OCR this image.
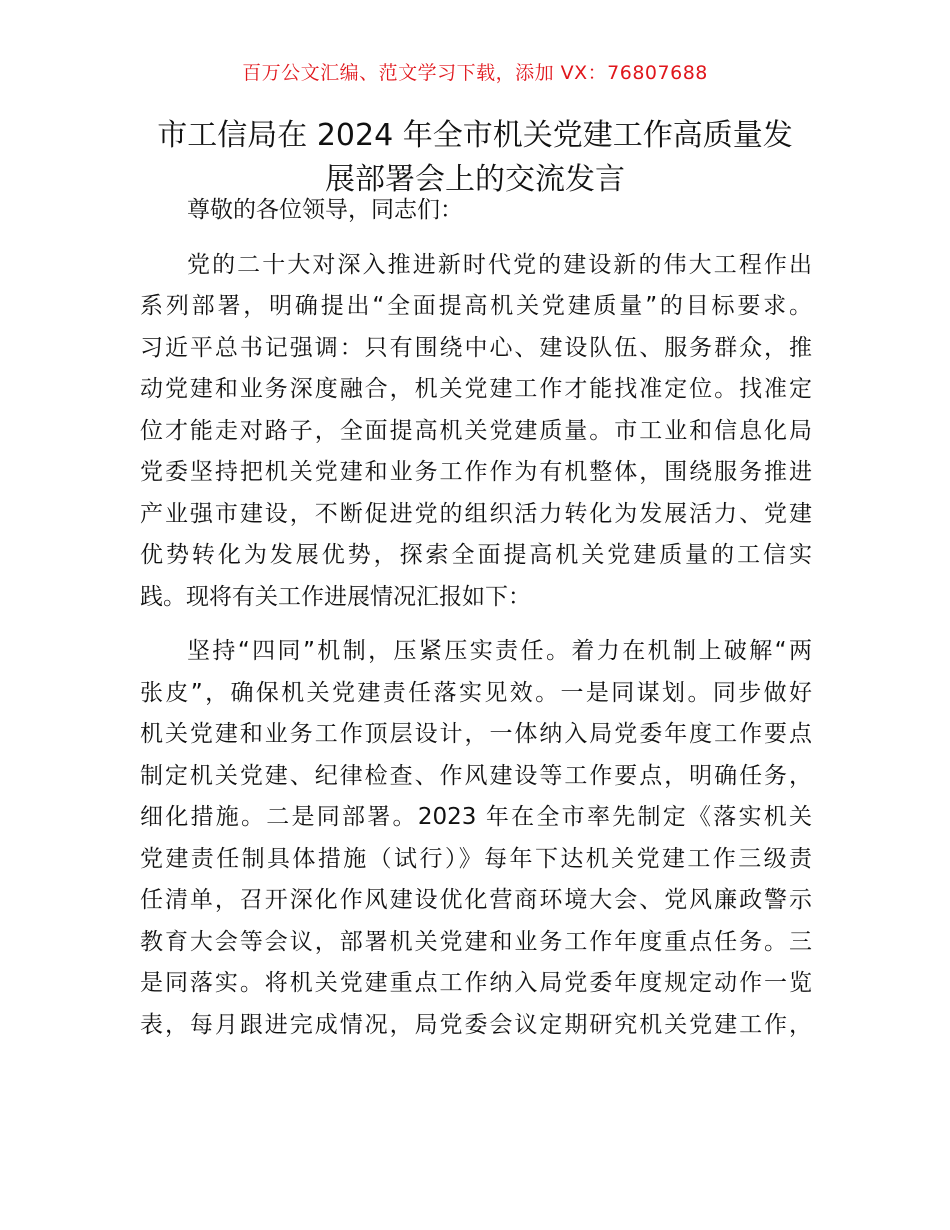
百万公文汇编、范文学习下载，添加 VX：76807688
市工信局在 2024 年全市机关党建工作高质量发
展部署会上的交流发言
尊敬的各位领导，同志们：
党的二十大对深入推进新时代党的建设新的伟大工程作出
系列部署，明确提出“全面提高机关党建质量”的目标要求。
习近平总书记强调：只有围绕中心、建设队伍、服务群众，推
动党建和业务深度融合，机关党建工作才能找准定位。找准定
位才能走对路子，全面提高机关党建质量。市工业和信息化局
党委坚持把机关党建和业务工作作为有机整体，围绕服务推进
产业强市建设，不断促进党的组织活力转化为发展活力、党建
优势转化为发展优势，探索全面提高机关党建质量的工信实
践。现将有关工作进展情况汇报如下：
坚持“四同”机制，压紧压实责任。着力在机制上破解“两
张皮”，确保机关党建责任落实见效。一是同谋划。同步做好
机关党建和业务工作顶层设计，一体纳入局党委年度工作要点
制定机关党建、纪律检查、作风建设等工作要点，明确任务，
细化措施。二是同部署。2023 年在全市率先制定《落实机关
党建责任制具体措施（试行）》每年下达机关党建工作三级责
任清单，召开深化作风建设优化营商环境大会、党风廉政警示
教育大会等会议，部署机关党建和业务工作年度重点任务。三
是同落实。将机关党建重点工作纳入局党委年度规定动作一览
表，每月跟进完成情况，局党委会议定期研究机关党建工作，
